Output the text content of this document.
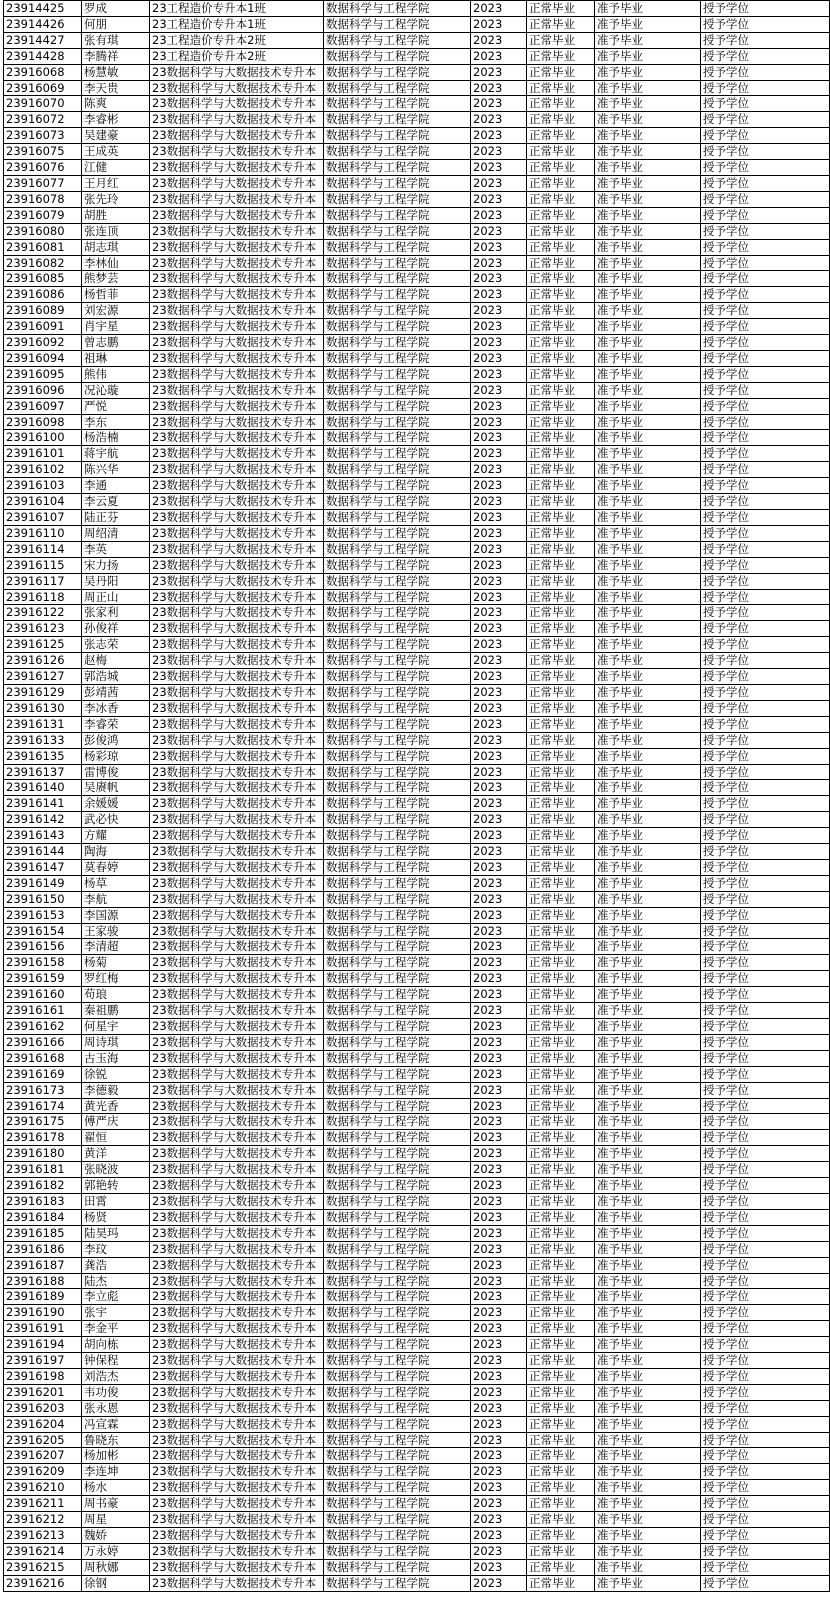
23914425	罗成	23工程造价专升本1班	数据科学与工程学院	2023	正常毕业	准予毕业	授予学位
23914426	何朋	23工程造价专升本1班	数据科学与工程学院	2023	正常毕业	准予毕业	授予学位
23914427	张有琪	23工程造价专升本2班	数据科学与工程学院	2023	正常毕业	准予毕业	授予学位
23914428	李腾祥	23工程造价专升本2班	数据科学与工程学院	2023	正常毕业	准予毕业	授予学位
23916068	杨慧敏	23数据科学与大数据技术专升本	数据科学与工程学院	2023	正常毕业	准予毕业	授予学位
23916069	李天贵	23数据科学与大数据技术专升本	数据科学与工程学院	2023	正常毕业	准予毕业	授予学位
23916070	陈爽	23数据科学与大数据技术专升本	数据科学与工程学院	2023	正常毕业	准予毕业	授予学位
23916072	李睿彬	23数据科学与大数据技术专升本	数据科学与工程学院	2023	正常毕业	准予毕业	授予学位
23916073	吴建豪	23数据科学与大数据技术专升本	数据科学与工程学院	2023	正常毕业	准予毕业	授予学位
23916075	王成英	23数据科学与大数据技术专升本	数据科学与工程学院	2023	正常毕业	准予毕业	授予学位
23916076	江健	23数据科学与大数据技术专升本	数据科学与工程学院	2023	正常毕业	准予毕业	授予学位
23916077	王月红	23数据科学与大数据技术专升本	数据科学与工程学院	2023	正常毕业	准予毕业	授予学位
23916078	张先玲	23数据科学与大数据技术专升本	数据科学与工程学院	2023	正常毕业	准予毕业	授予学位
23916079	胡胜	23数据科学与大数据技术专升本	数据科学与工程学院	2023	正常毕业	准予毕业	授予学位
23916080	张连顶	23数据科学与大数据技术专升本	数据科学与工程学院	2023	正常毕业	准予毕业	授予学位
23916081	胡志琪	23数据科学与大数据技术专升本	数据科学与工程学院	2023	正常毕业	准予毕业	授予学位
23916082	李林仙	23数据科学与大数据技术专升本	数据科学与工程学院	2023	正常毕业	准予毕业	授予学位
23916085	熊梦芸	23数据科学与大数据技术专升本	数据科学与工程学院	2023	正常毕业	准予毕业	授予学位
23916086	杨哲菲	23数据科学与大数据技术专升本	数据科学与工程学院	2023	正常毕业	准予毕业	授予学位
23916089	刘宏源	23数据科学与大数据技术专升本	数据科学与工程学院	2023	正常毕业	准予毕业	授予学位
23916091	肖宇星	23数据科学与大数据技术专升本	数据科学与工程学院	2023	正常毕业	准予毕业	授予学位
23916092	曾志鹏	23数据科学与大数据技术专升本	数据科学与工程学院	2023	正常毕业	准予毕业	授予学位
23916094	祖琳	23数据科学与大数据技术专升本	数据科学与工程学院	2023	正常毕业	准予毕业	授予学位
23916095	熊伟	23数据科学与大数据技术专升本	数据科学与工程学院	2023	正常毕业	准予毕业	授予学位
23916096	况沁璇	23数据科学与大数据技术专升本	数据科学与工程学院	2023	正常毕业	准予毕业	授予学位
23916097	严悦	23数据科学与大数据技术专升本	数据科学与工程学院	2023	正常毕业	准予毕业	授予学位
23916098	李东	23数据科学与大数据技术专升本	数据科学与工程学院	2023	正常毕业	准予毕业	授予学位
23916100	杨浩楠	23数据科学与大数据技术专升本	数据科学与工程学院	2023	正常毕业	准予毕业	授予学位
23916101	蒋宇航	23数据科学与大数据技术专升本	数据科学与工程学院	2023	正常毕业	准予毕业	授予学位
23916102	陈兴华	23数据科学与大数据技术专升本	数据科学与工程学院	2023	正常毕业	准予毕业	授予学位
23916103	李通	23数据科学与大数据技术专升本	数据科学与工程学院	2023	正常毕业	准予毕业	授予学位
23916104	李云夏	23数据科学与大数据技术专升本	数据科学与工程学院	2023	正常毕业	准予毕业	授予学位
23916107	陆正芬	23数据科学与大数据技术专升本	数据科学与工程学院	2023	正常毕业	准予毕业	授予学位
23916110	周绍清	23数据科学与大数据技术专升本	数据科学与工程学院	2023	正常毕业	准予毕业	授予学位
23916114	李英	23数据科学与大数据技术专升本	数据科学与工程学院	2023	正常毕业	准予毕业	授予学位
23916115	宋力扬	23数据科学与大数据技术专升本	数据科学与工程学院	2023	正常毕业	准予毕业	授予学位
23916117	吴丹阳	23数据科学与大数据技术专升本	数据科学与工程学院	2023	正常毕业	准予毕业	授予学位
23916118	周正山	23数据科学与大数据技术专升本	数据科学与工程学院	2023	正常毕业	准予毕业	授予学位
23916122	张家利	23数据科学与大数据技术专升本	数据科学与工程学院	2023	正常毕业	准予毕业	授予学位
23916123	孙俊祥	23数据科学与大数据技术专升本	数据科学与工程学院	2023	正常毕业	准予毕业	授予学位
23916125	张志荣	23数据科学与大数据技术专升本	数据科学与工程学院	2023	正常毕业	准予毕业	授予学位
23916126	赵梅	23数据科学与大数据技术专升本	数据科学与工程学院	2023	正常毕业	准予毕业	授予学位
23916127	郭浩城	23数据科学与大数据技术专升本	数据科学与工程学院	2023	正常毕业	准予毕业	授予学位
23916129	彭靖茜	23数据科学与大数据技术专升本	数据科学与工程学院	2023	正常毕业	准予毕业	授予学位
23916130	李冰香	23数据科学与大数据技术专升本	数据科学与工程学院	2023	正常毕业	准予毕业	授予学位
23916131	李睿荣	23数据科学与大数据技术专升本	数据科学与工程学院	2023	正常毕业	准予毕业	授予学位
23916133	彭俊鸿	23数据科学与大数据技术专升本	数据科学与工程学院	2023	正常毕业	准予毕业	授予学位
23916135	杨彩琼	23数据科学与大数据技术专升本	数据科学与工程学院	2023	正常毕业	准予毕业	授予学位
23916137	雷博俊	23数据科学与大数据技术专升本	数据科学与工程学院	2023	正常毕业	准予毕业	授予学位
23916140	吴赓帆	23数据科学与大数据技术专升本	数据科学与工程学院	2023	正常毕业	准予毕业	授予学位
23916141	余媛媛	23数据科学与大数据技术专升本	数据科学与工程学院	2023	正常毕业	准予毕业	授予学位
23916142	武必快	23数据科学与大数据技术专升本	数据科学与工程学院	2023	正常毕业	准予毕业	授予学位
23916143	方耀	23数据科学与大数据技术专升本	数据科学与工程学院	2023	正常毕业	准予毕业	授予学位
23916144	陶海	23数据科学与大数据技术专升本	数据科学与工程学院	2023	正常毕业	准予毕业	授予学位
23916147	莫春婷	23数据科学与大数据技术专升本	数据科学与工程学院	2023	正常毕业	准予毕业	授予学位
23916149	杨草	23数据科学与大数据技术专升本	数据科学与工程学院	2023	正常毕业	准予毕业	授予学位
23916150	李航	23数据科学与大数据技术专升本	数据科学与工程学院	2023	正常毕业	准予毕业	授予学位
23916153	李国源	23数据科学与大数据技术专升本	数据科学与工程学院	2023	正常毕业	准予毕业	授予学位
23916154	王家骏	23数据科学与大数据技术专升本	数据科学与工程学院	2023	正常毕业	准予毕业	授予学位
23916156	李清超	23数据科学与大数据技术专升本	数据科学与工程学院	2023	正常毕业	准予毕业	授予学位
23916158	杨菊	23数据科学与大数据技术专升本	数据科学与工程学院	2023	正常毕业	准予毕业	授予学位
23916159	罗红梅	23数据科学与大数据技术专升本	数据科学与工程学院	2023	正常毕业	准予毕业	授予学位
23916160	苟琅	23数据科学与大数据技术专升本	数据科学与工程学院	2023	正常毕业	准予毕业	授予学位
23916161	秦祖鹏	23数据科学与大数据技术专升本	数据科学与工程学院	2023	正常毕业	准予毕业	授予学位
23916162	何星宇	23数据科学与大数据技术专升本	数据科学与工程学院	2023	正常毕业	准予毕业	授予学位
23916166	周诗琪	23数据科学与大数据技术专升本	数据科学与工程学院	2023	正常毕业	准予毕业	授予学位
23916168	古玉海	23数据科学与大数据技术专升本	数据科学与工程学院	2023	正常毕业	准予毕业	授予学位
23916169	徐锐	23数据科学与大数据技术专升本	数据科学与工程学院	2023	正常毕业	准予毕业	授予学位
23916173	李德毅	23数据科学与大数据技术专升本	数据科学与工程学院	2023	正常毕业	准予毕业	授予学位
23916174	黄光香	23数据科学与大数据技术专升本	数据科学与工程学院	2023	正常毕业	准予毕业	授予学位
23916175	傅严庆	23数据科学与大数据技术专升本	数据科学与工程学院	2023	正常毕业	准予毕业	授予学位
23916178	翟恒	23数据科学与大数据技术专升本	数据科学与工程学院	2023	正常毕业	准予毕业	授予学位
23916180	黄洋	23数据科学与大数据技术专升本	数据科学与工程学院	2023	正常毕业	准予毕业	授予学位
23916181	张晓波	23数据科学与大数据技术专升本	数据科学与工程学院	2023	正常毕业	准予毕业	授予学位
23916182	郭艳转	23数据科学与大数据技术专升本	数据科学与工程学院	2023	正常毕业	准予毕业	授予学位
23916183	田霄	23数据科学与大数据技术专升本	数据科学与工程学院	2023	正常毕业	准予毕业	授予学位
23916184	杨贤	23数据科学与大数据技术专升本	数据科学与工程学院	2023	正常毕业	准予毕业	授予学位
23916185	陆昊玛	23数据科学与大数据技术专升本	数据科学与工程学院	2023	正常毕业	准予毕业	授予学位
23916186	李玟	23数据科学与大数据技术专升本	数据科学与工程学院	2023	正常毕业	准予毕业	授予学位
23916187	龚浩	23数据科学与大数据技术专升本	数据科学与工程学院	2023	正常毕业	准予毕业	授予学位
23916188	陆杰	23数据科学与大数据技术专升本	数据科学与工程学院	2023	正常毕业	准予毕业	授予学位
23916189	李立彪	23数据科学与大数据技术专升本	数据科学与工程学院	2023	正常毕业	准予毕业	授予学位
23916190	张宇	23数据科学与大数据技术专升本	数据科学与工程学院	2023	正常毕业	准予毕业	授予学位
23916191	李金平	23数据科学与大数据技术专升本	数据科学与工程学院	2023	正常毕业	准予毕业	授予学位
23916194	胡向栋	23数据科学与大数据技术专升本	数据科学与工程学院	2023	正常毕业	准予毕业	授予学位
23916197	钟保程	23数据科学与大数据技术专升本	数据科学与工程学院	2023	正常毕业	准予毕业	授予学位
23916198	刘浩杰	23数据科学与大数据技术专升本	数据科学与工程学院	2023	正常毕业	准予毕业	授予学位
23916201	韦功俊	23数据科学与大数据技术专升本	数据科学与工程学院	2023	正常毕业	准予毕业	授予学位
23916203	张永恩	23数据科学与大数据技术专升本	数据科学与工程学院	2023	正常毕业	准予毕业	授予学位
23916204	冯宣霖	23数据科学与大数据技术专升本	数据科学与工程学院	2023	正常毕业	准予毕业	授予学位
23916205	鲁晓东	23数据科学与大数据技术专升本	数据科学与工程学院	2023	正常毕业	准予毕业	授予学位
23916207	杨加彬	23数据科学与大数据技术专升本	数据科学与工程学院	2023	正常毕业	准予毕业	授予学位
23916209	李连坤	23数据科学与大数据技术专升本	数据科学与工程学院	2023	正常毕业	准予毕业	授予学位
23916210	杨水	23数据科学与大数据技术专升本	数据科学与工程学院	2023	正常毕业	准予毕业	授予学位
23916211	周书豪	23数据科学与大数据技术专升本	数据科学与工程学院	2023	正常毕业	准予毕业	授予学位
23916212	周星	23数据科学与大数据技术专升本	数据科学与工程学院	2023	正常毕业	准予毕业	授予学位
23916213	魏娇	23数据科学与大数据技术专升本	数据科学与工程学院	2023	正常毕业	准予毕业	授予学位
23916214	万永婷	23数据科学与大数据技术专升本	数据科学与工程学院	2023	正常毕业	准予毕业	授予学位
23916215	周秋娜	23数据科学与大数据技术专升本	数据科学与工程学院	2023	正常毕业	准予毕业	授予学位
23916216	徐钢	23数据科学与大数据技术专升本	数据科学与工程学院	2023	正常毕业	准予毕业	授予学位
